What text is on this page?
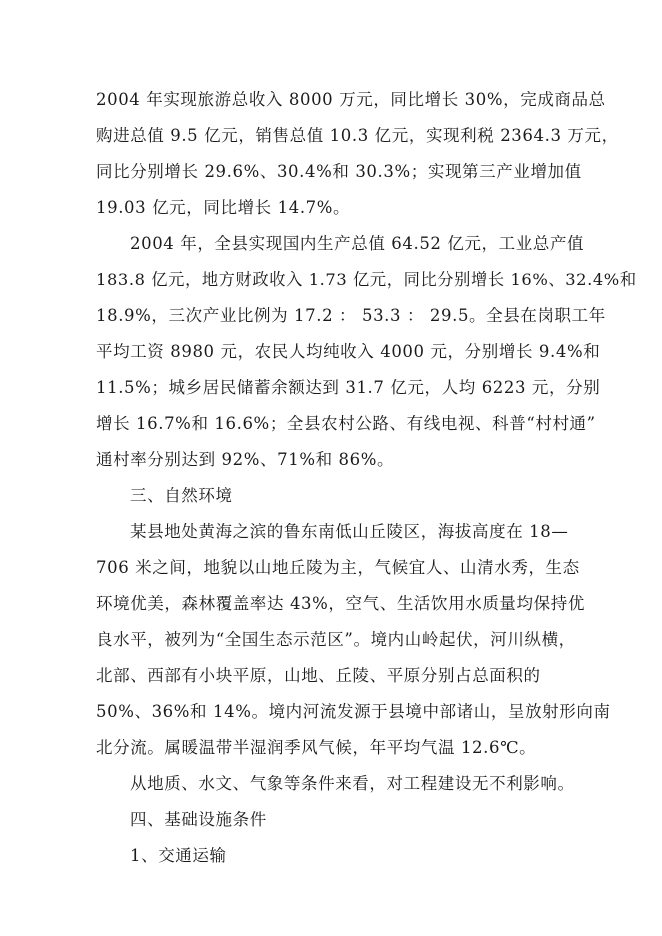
2004 年实现旅游总收入 8000 万元，同比增长 30%，完成商品总
购进总值 9.5 亿元，销售总值 10.3 亿元，实现利税 2364.3 万元，
同比分别增长 29.6%、30.4%和 30.3%；实现第三产业增加值
19.03 亿元，同比增长 14.7%。
2004 年，全县实现国内生产总值 64.52 亿元，工业总产值
183.8 亿元，地方财政收入 1.73 亿元，同比分别增长 16%、32.4%和
18.9%，三次产业比例为 17.2 ： 53.3 ： 29.5。全县在岗职工年
平均工资 8980 元，农民人均纯收入 4000 元，分别增长 9.4%和
11.5%；城乡居民储蓄余额达到 31.7 亿元，人均 6223 元，分别
增长 16.7%和 16.6%；全县农村公路、有线电视、科普“村村通”
通村率分别达到 92%、71%和 86%。
三、自然环境
某县地处黄海之滨的鲁东南低山丘陵区，海拔高度在 18—
706 米之间，地貌以山地丘陵为主，气候宜人、山清水秀，生态
环境优美，森林覆盖率达 43%，空气、生活饮用水质量均保持优
良水平，被列为“全国生态示范区”。境内山岭起伏，河川纵横，
北部、西部有小块平原，山地、丘陵、平原分别占总面积的
50%、36%和 14%。境内河流发源于县境中部诸山，呈放射形向南
北分流。属暖温带半湿润季风气候，年平均气温 12.6℃。
从地质、水文、气象等条件来看，对工程建设无不利影响。
四、基础设施条件
1、交通运输
